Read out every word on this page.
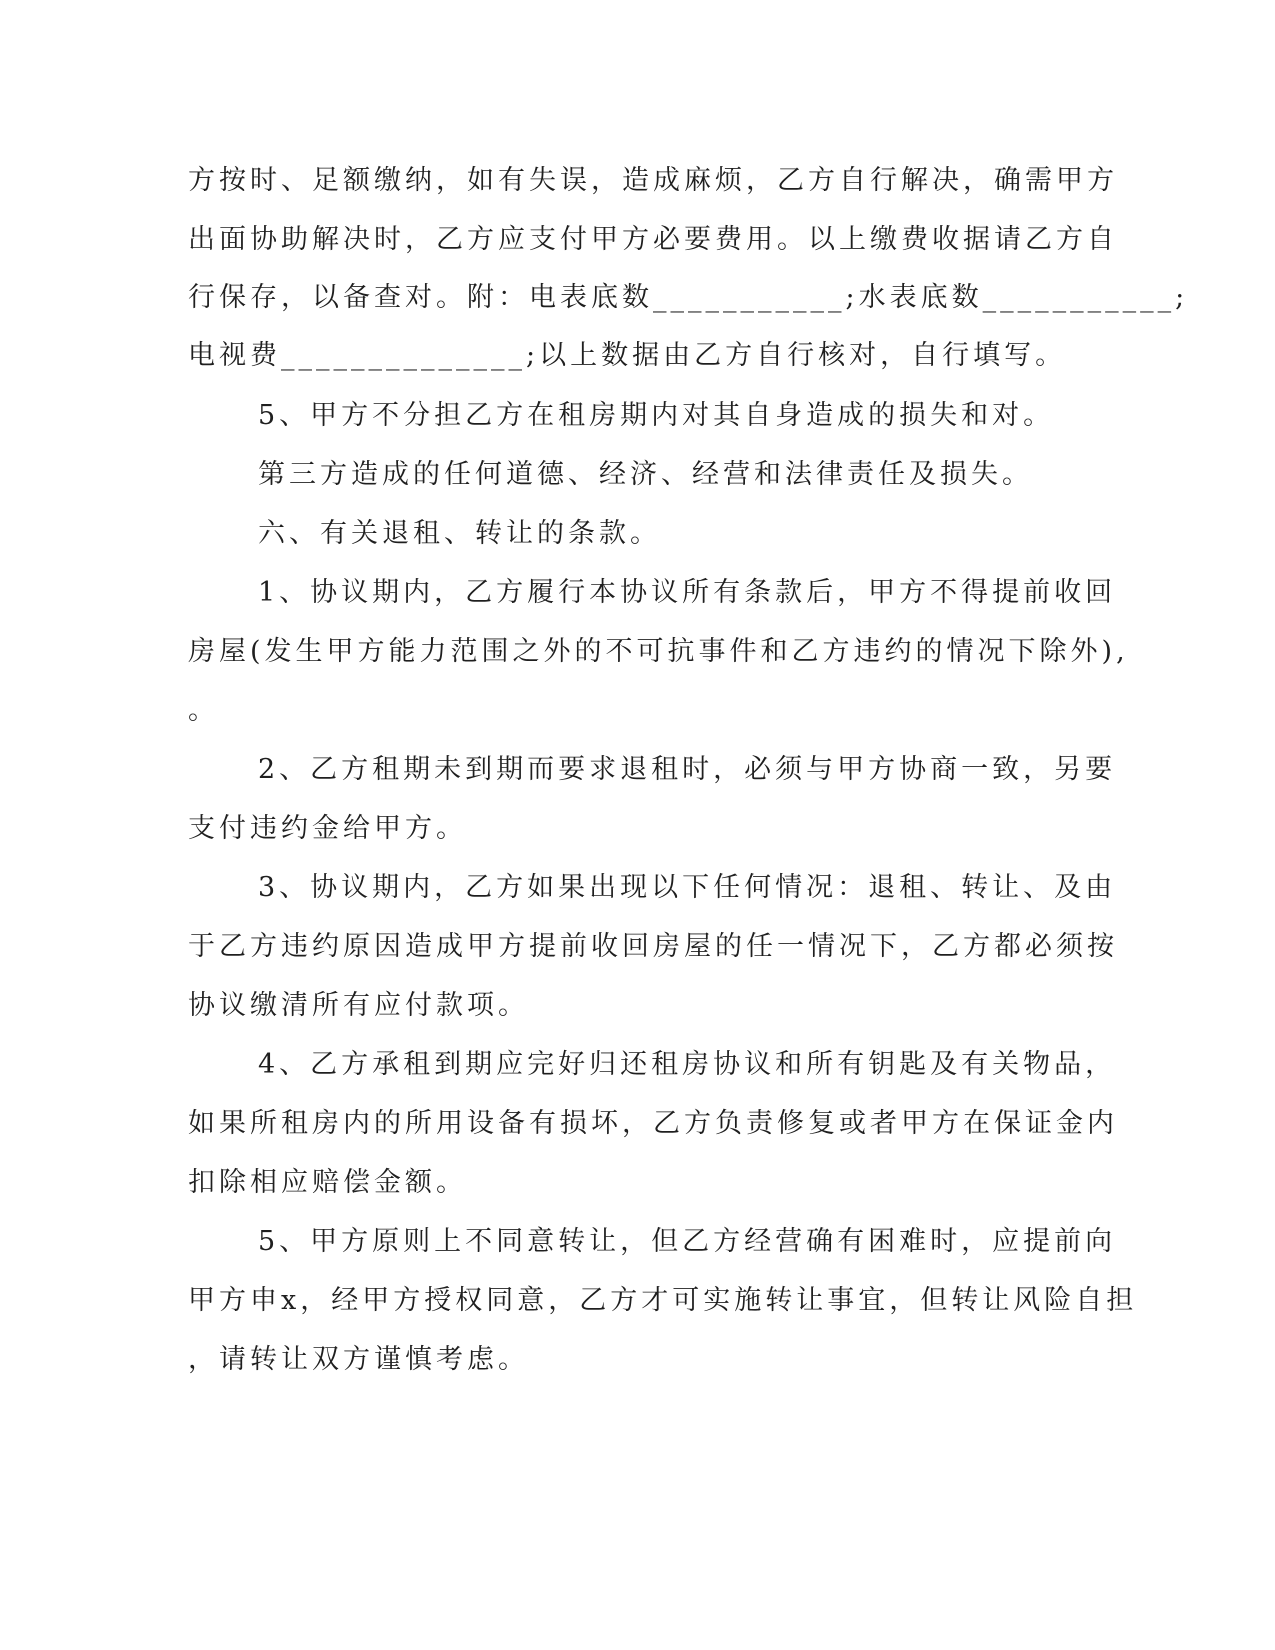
方按时、足额缴纳，如有失误，造成麻烦，乙方自行解决，确需甲方

出面协助解决时，乙方应支付甲方必要费用。以上缴费收据请乙方自

行保存，以备查对。附：电表底数___________;水表底数___________;

电视费______________;以上数据由乙方自行核对，自行填写。

5、甲方不分担乙方在租房期内对其自身造成的损失和对。

第三方造成的任何道德、经济、经营和法律责任及损失。

六、有关退租、转让的条款。

1、协议期内，乙方履行本协议所有条款后，甲方不得提前收回

房屋(发生甲方能力范围之外的不可抗事件和乙方违约的情况下除外),

。

2、乙方租期未到期而要求退租时，必须与甲方协商一致，另要

支付违约金给甲方。

3、协议期内，乙方如果出现以下任何情况：退租、转让、及由

于乙方违约原因造成甲方提前收回房屋的任一情况下，乙方都必须按

协议缴清所有应付款项。

4、乙方承租到期应完好归还租房协议和所有钥匙及有关物品，

如果所租房内的所用设备有损坏，乙方负责修复或者甲方在保证金内

扣除相应赔偿金额。

5、甲方原则上不同意转让，但乙方经营确有困难时，应提前向

甲方申x，经甲方授权同意，乙方才可实施转让事宜，但转让风险自担

，请转让双方谨慎考虑。
